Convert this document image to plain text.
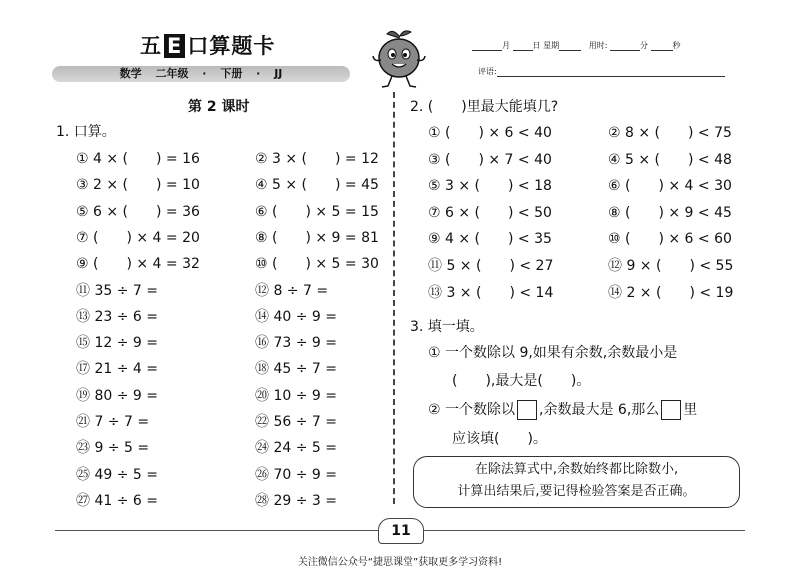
五 E 口算题卡
数学 二年级 · 下册 · JJ
月	日 星期	用时:	分	秒
评语:
第 2 课时
1. 口算。
① 4 × (　　) = 16	② 3 × (　　) = 12
③ 2 × (　　) = 10	④ 5 × (　　) = 45
⑤ 6 × (　　) = 36	⑥ (　　) × 5 = 15
⑦ (　　) × 4 = 20	⑧ (　　) × 9 = 81
⑨ (　　) × 4 = 32	⑩ (　　) × 5 = 30
⑪ 35 ÷ 7 =	⑫ 8 ÷ 7 =
⑬ 23 ÷ 6 =	⑭ 40 ÷ 9 =
⑮ 12 ÷ 9 =	⑯ 73 ÷ 9 =
⑰ 21 ÷ 4 =	⑱ 45 ÷ 7 =
⑲ 80 ÷ 9 =	⑳ 10 ÷ 9 =
㉑ 7 ÷ 7 =	㉒ 56 ÷ 7 =
㉓ 9 ÷ 5 =	㉔ 24 ÷ 5 =
㉕ 49 ÷ 5 =	㉖ 70 ÷ 9 =
㉗ 41 ÷ 6 =	㉘ 29 ÷ 3 =
2. (　　)里最大能填几?
① (　　) × 6 < 40	② 8 × (　　) < 75
③ (　　) × 7 < 40	④ 5 × (　　) < 48
⑤ 3 × (　　) < 18	⑥ (　　) × 4 < 30
⑦ 6 × (　　) < 50	⑧ (　　) × 9 < 45
⑨ 4 × (　　) < 35	⑩ (　　) × 6 < 60
⑪ 5 × (　　) < 27	⑫ 9 × (　　) < 55
⑬ 3 × (　　) < 14	⑭ 2 × (　　) < 19
3. 填一填。
① 一个数除以 9,如果有余数,余数最小是
(　　),最大是(　　)。
② 一个数除以 ,余数最大是 6,那么 里
应该填(　　)。
在除法算式中,余数始终都比除数小,
计算出结果后,要记得检验答案是否正确。
11
关注微信公众号“捷思课堂”获取更多学习资料!
